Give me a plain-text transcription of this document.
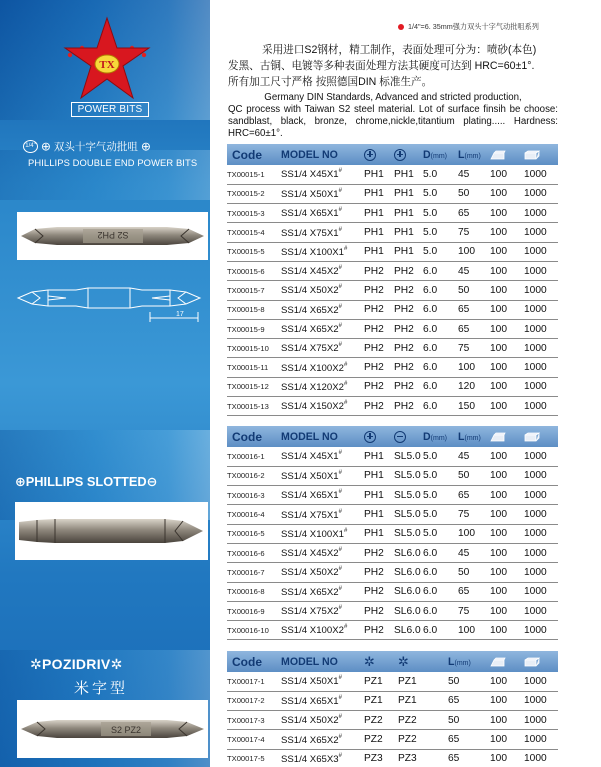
TX
POWER BITS
1/4" ⊕ 双头十字气动批咀 ⊕
PHILLIPS DOUBLE END POWER BITS
S2 PH2
17
⊕PHILLIPS SLOTTED⊖
✲POZIDRIV✲
米字型
S2 PZ2
1/4"=6. 35mm强力双头十字气动批咀系列
采用进口S2钢材，精工制作，表面处理可分为：喷砂(本色)
发黑、古铜、电镀等多种表面处理方法其硬度可达到 HRC=60±1°.
所有加工尺寸严格 按照德国DIN 标准生产。
Germany DIN Standards, Advanced and stricted production,
QC process with Taiwan S2 steel material. Lot of surface finsih be choose: sandblast, black, bronze, chrome,nickle,titantium plating..... Hardness: HRC=60±1°.
Code	MODEL NO			D(mm)	L(mm)		
TX00015-1	SS1/4 X45X1#	PH1	PH1	5.0	45	100	1000
TX00015-2	SS1/4 X50X1#	PH1	PH1	5.0	50	100	1000
TX00015-3	SS1/4 X65X1#	PH1	PH1	5.0	65	100	1000
TX00015-4	SS1/4 X75X1#	PH1	PH1	5.0	75	100	1000
TX00015-5	SS1/4 X100X1#	PH1	PH1	5.0	100	100	1000
TX00015-6	SS1/4 X45X2#	PH2	PH2	6.0	45	100	1000
TX00015-7	SS1/4 X50X2#	PH2	PH2	6.0	50	100	1000
TX00015-8	SS1/4 X65X2#	PH2	PH2	6.0	65	100	1000
TX00015-9	SS1/4 X65X2#	PH2	PH2	6.0	65	100	1000
TX00015-10	SS1/4 X75X2#	PH2	PH2	6.0	75	100	1000
TX00015-11	SS1/4 X100X2#	PH2	PH2	6.0	100	100	1000
TX00015-12	SS1/4 X120X2#	PH2	PH2	6.0	120	100	1000
TX00015-13	SS1/4 X150X2#	PH2	PH2	6.0	150	100	1000
Code	MODEL NO			D(mm)	L(mm)		
TX00016-1	SS1/4 X45X1#	PH1	SL5.0	5.0	45	100	1000
TX00016-2	SS1/4 X50X1#	PH1	SL5.0	5.0	50	100	1000
TX00016-3	SS1/4 X65X1#	PH1	SL5.0	5.0	65	100	1000
TX00016-4	SS1/4 X75X1#	PH1	SL5.0	5.0	75	100	1000
TX00016-5	SS1/4 X100X1#	PH1	SL5.0	5.0	100	100	1000
TX00016-6	SS1/4 X45X2#	PH2	SL6.0	6.0	45	100	1000
TX00016-7	SS1/4 X50X2#	PH2	SL6.0	6.0	50	100	1000
TX00016-8	SS1/4 X65X2#	PH2	SL6.0	6.0	65	100	1000
TX00016-9	SS1/4 X75X2#	PH2	SL6.0	6.0	75	100	1000
TX00016-10	SS1/4 X100X2#	PH2	SL6.0	6.0	100	100	1000
Code	MODEL NO	✲	✲	L(mm)		
TX00017-1	SS1/4 X50X1#	PZ1	PZ1	50	100	1000
TX00017-2	SS1/4 X65X1#	PZ1	PZ1	65	100	1000
TX00017-3	SS1/4 X50X2#	PZ2	PZ2	50	100	1000
TX00017-4	SS1/4 X65X2#	PZ2	PZ2	65	100	1000
TX00017-5	SS1/4 X65X3#	PZ3	PZ3	65	100	1000
